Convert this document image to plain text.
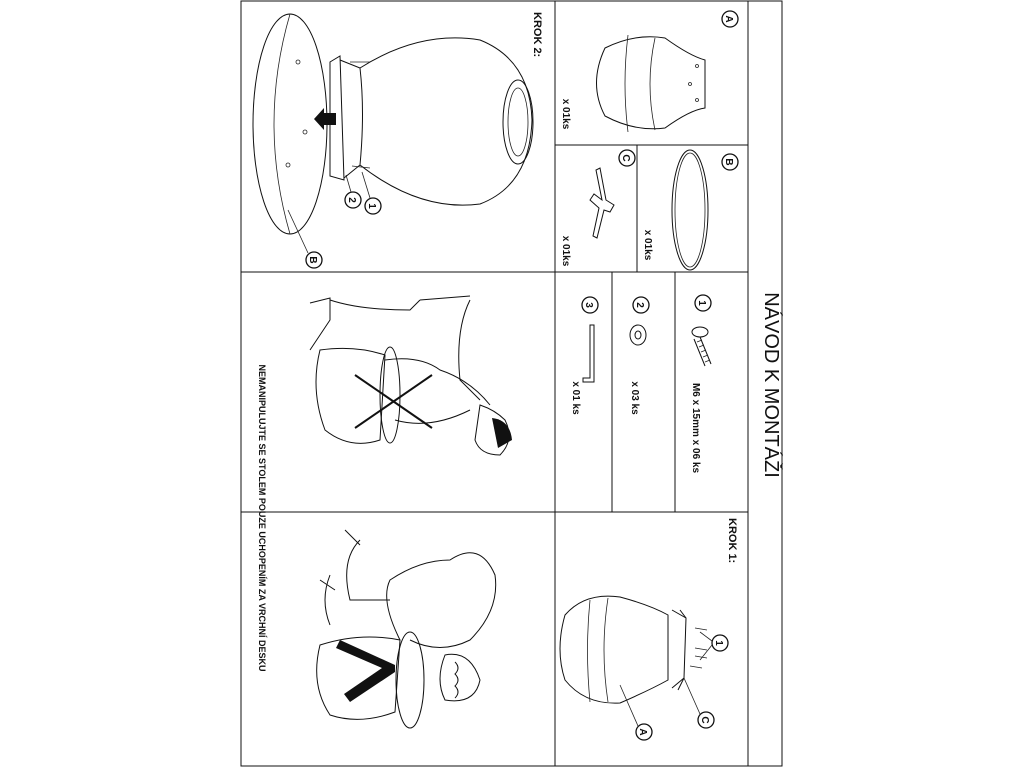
NÁVOD K MONTÁŽI
A
x 01ks
B
x 01ks
C
x 01ks
1
M6 x 15mm x 06 ks
2
x 03 ks
3
x 01 ks
KROK 1:
1
C
A
KROK 2:
1
2
B
NEMANIPULUJTE SE STOLEM POUZE UCHOPENÍM ZA VRCHNÍ DESKU
